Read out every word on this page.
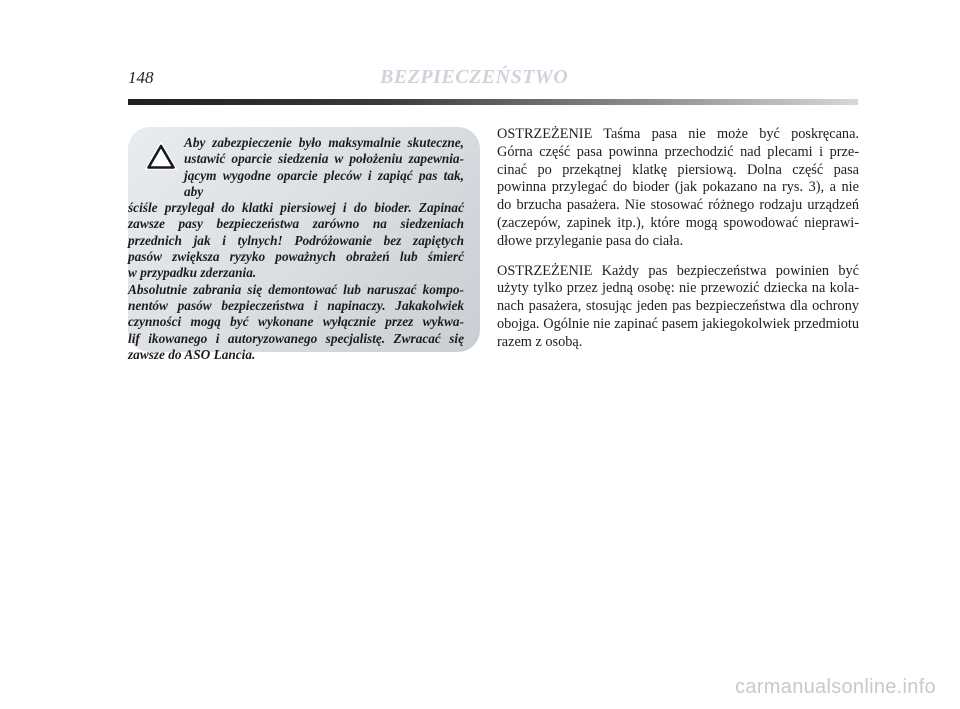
148	BEZPIECZEŃSTWO
Aby zabezpieczenie było maksymalnie skuteczne,
ustawić oparcie siedzenia w położeniu zapewnia-
jącym wygodne oparcie pleców i zapiąć pas tak, aby
ściśle przylegał do klatki piersiowej i do bioder. Zapinać
zawsze pasy bezpieczeństwa zarówno na siedzeniach
przednich jak i tylnych! Podróżowanie bez zapiętych
pasów zwiększa ryzyko poważnych obrażeń lub śmierć
w przypadku zderzania.
Absolutnie zabrania się demontować lub naruszać kompo-
nentów pasów bezpieczeństwa i napinaczy. Jakakolwiek
czynności mogą być wykonane wyłącznie przez wykwa-
lif ikowanego i autoryzowanego specjalistę. Zwracać się
zawsze do ASO Lancia.
OSTRZEŻENIE Taśma pasa nie może być poskręcana.
Górna część pasa powinna przechodzić nad plecami i prze-
cinać po przekątnej klatkę piersiową. Dolna część pasa
powinna przylegać do bioder (jak pokazano na rys. 3), a nie
do brzucha pasażera. Nie stosować różnego rodzaju urządzeń
(zaczepów, zapinek itp.), które mogą spowodować nieprawi-
dłowe przyleganie pasa do ciała.
OSTRZEŻENIE Każdy pas bezpieczeństwa powinien być
użyty tylko przez jedną osobę: nie przewozić dziecka na kola-
nach pasażera, stosując jeden pas bezpieczeństwa dla ochrony
obojga. Ogólnie nie zapinać pasem jakiegokolwiek przedmiotu
razem z osobą.
carmanualsonline.info
